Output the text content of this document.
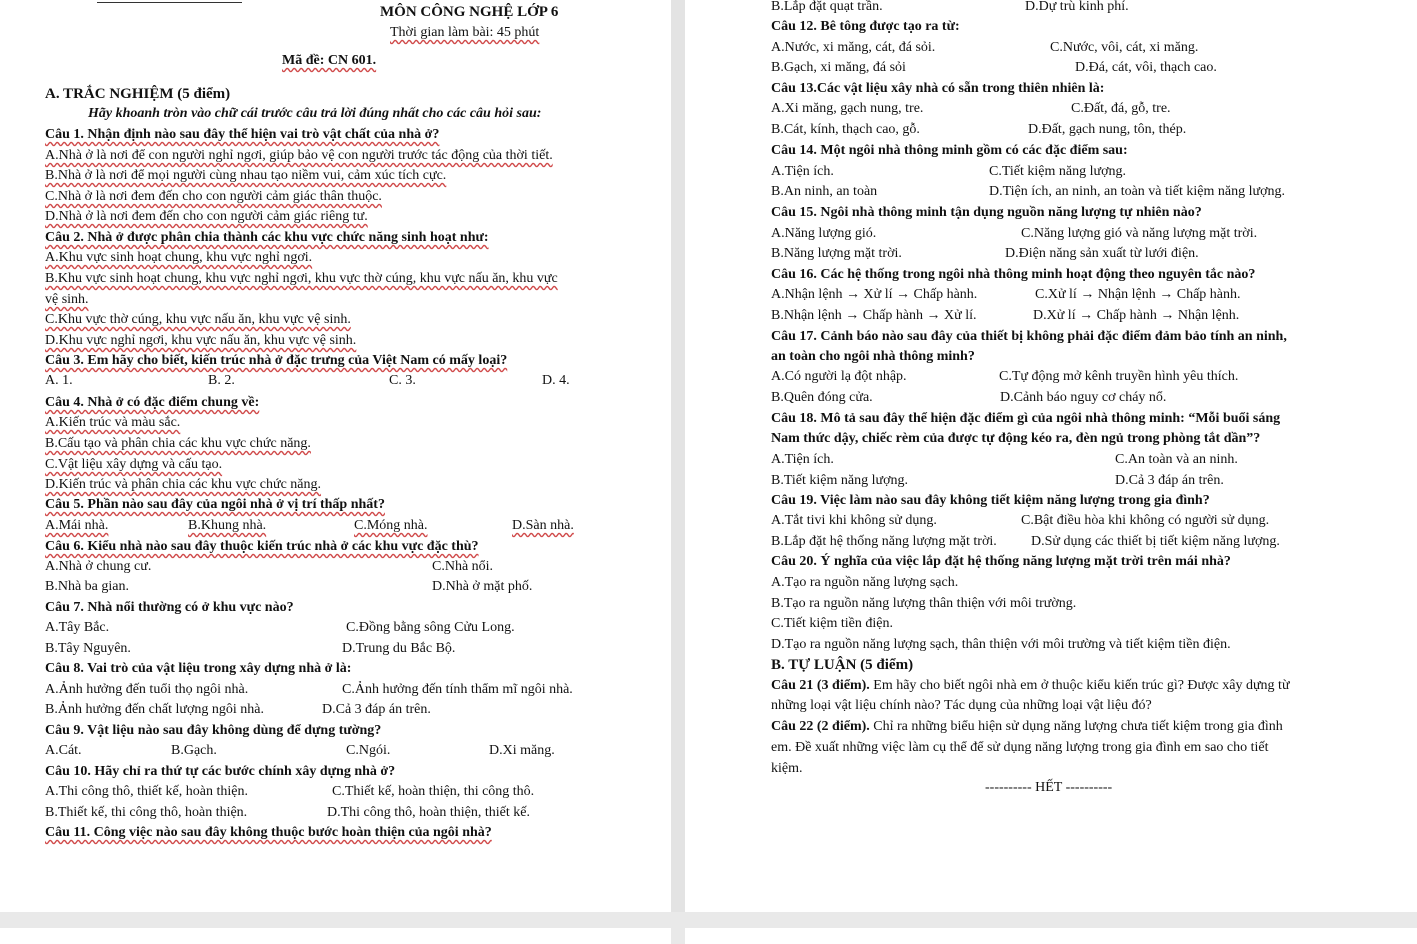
MÔN CÔNG NGHỆ LỚP 6
Thời gian làm bài: 45 phút
Mã đề: CN 601.
A. TRẮC NGHIỆM (5 điểm)
Hãy khoanh tròn vào chữ cái trước câu trả lời đúng nhất cho các câu hỏi sau:
Câu 1. Nhận định nào sau đây thể hiện vai trò vật chất của nhà ở?
A.Nhà ở là nơi để con người nghỉ ngơi, giúp bảo vệ con người trước tác động của thời tiết.
B.Nhà ở là nơi để mọi người cùng nhau tạo niềm vui, cảm xúc tích cực.
C.Nhà ở là nơi đem đến cho con người cảm giác thân thuộc.
D.Nhà ở là nơi đem đến cho con người cảm giác riêng tư.
Câu 2. Nhà ở được phân chia thành các khu vực chức năng sinh hoạt như:
A.Khu vực sinh hoạt chung, khu vực nghỉ ngơi.
B.Khu vực sinh hoạt chung, khu vực nghỉ ngơi, khu vực thờ cúng, khu vực nấu ăn, khu vực
vệ sinh.
C.Khu vực thờ cúng, khu vực nấu ăn, khu vực vệ sinh.
D.Khu vực nghỉ ngơi, khu vực nấu ăn, khu vực vệ sinh.
Câu 3. Em hãy cho biết, kiến trúc nhà ở đặc trưng của Việt Nam có mấy loại?
A. 1.	B. 2.	C. 3.	D. 4.
Câu 4. Nhà ở có đặc điểm chung về:
A.Kiến trúc và màu sắc.
B.Cấu tạo và phân chia các khu vực chức năng.
C.Vật liệu xây dựng và cấu tạo.
D.Kiến trúc và phân chia các khu vực chức năng.
Câu 5. Phần nào sau đây của ngôi nhà ở vị trí thấp nhất?
A.Mái nhà.	B.Khung nhà.	C.Móng nhà.	D.Sàn nhà.
Câu 6. Kiểu nhà nào sau đây thuộc kiến trúc nhà ở các khu vực đặc thù?
A.Nhà ở chung cư.	C.Nhà nổi.
B.Nhà ba gian.	D.Nhà ở mặt phố.
Câu 7. Nhà nổi thường có ở khu vực nào?
A.Tây Bắc.	C.Đồng bằng sông Cửu Long.
B.Tây Nguyên.	D.Trung du Bắc Bộ.
Câu 8. Vai trò của vật liệu trong xây dựng nhà ở là:
A.Ảnh hưởng đến tuổi thọ ngôi nhà.	C.Ảnh hưởng đến tính thẩm mĩ ngôi nhà.
B.Ảnh hưởng đến chất lượng ngôi nhà.	D.Cả 3 đáp án trên.
Câu 9. Vật liệu nào sau đây không dùng để dựng tường?
A.Cát.	B.Gạch.	C.Ngói.	D.Xi măng.
Câu 10. Hãy chỉ ra thứ tự các bước chính xây dựng nhà ở?
A.Thi công thô, thiết kế, hoàn thiện.	C.Thiết kế, hoàn thiện, thi công thô.
B.Thiết kế, thi công thô, hoàn thiện.	D.Thi công thô, hoàn thiện, thiết kế.
Câu 11. Công việc nào sau đây không thuộc bước hoàn thiện của ngôi nhà?
B.Lắp đặt quạt trần.	D.Dự trù kinh phí.
Câu 12. Bê tông được tạo ra từ:
A.Nước, xi măng, cát, đá sỏi.	C.Nước, vôi, cát, xi măng.
B.Gạch, xi măng, đá sỏi	D.Đá, cát, vôi, thạch cao.
Câu 13.Các vật liệu xây nhà có sẵn trong thiên nhiên là:
A.Xi măng, gạch nung, tre.	C.Đất, đá, gỗ, tre.
B.Cát, kính, thạch cao, gỗ.	D.Đất, gạch nung, tôn, thép.
Câu 14. Một ngôi nhà thông minh gồm có các đặc điểm sau:
A.Tiện ích.	C.Tiết kiệm năng lượng.
B.An ninh, an toàn	D.Tiện ích, an ninh, an toàn và tiết kiệm năng lượng.
Câu 15. Ngôi nhà thông minh tận dụng nguồn năng lượng tự nhiên nào?
A.Năng lượng gió.	C.Năng lượng gió và năng lượng mặt trời.
B.Năng lượng mặt trời.	D.Điện năng sản xuất từ lưới điện.
Câu 16. Các hệ thống trong ngôi nhà thông minh hoạt động theo nguyên tắc nào?
A.Nhận lệnh → Xử lí → Chấp hành.	C.Xử lí → Nhận lệnh → Chấp hành.
B.Nhận lệnh → Chấp hành → Xử lí.	D.Xử lí → Chấp hành → Nhận lệnh.
Câu 17. Cảnh báo nào sau đây của thiết bị không phải đặc điểm đảm bảo tính an ninh,
an toàn cho ngôi nhà thông minh?
A.Có người lạ đột nhập.	C.Tự động mở kênh truyền hình yêu thích.
B.Quên đóng cửa.	D.Cảnh báo nguy cơ cháy nổ.
Câu 18. Mô tả sau đây thể hiện đặc điểm gì của ngôi nhà thông minh: “Mỗi buổi sáng
Nam thức dậy, chiếc rèm của được tự động kéo ra, đèn ngủ trong phòng tắt dần”?
A.Tiện ích.	C.An toàn và an ninh.
B.Tiết kiệm năng lượng.	D.Cả 3 đáp án trên.
Câu 19. Việc làm nào sau đây không tiết kiệm năng lượng trong gia đình?
A.Tắt tivi khi không sử dụng.	C.Bật điều hòa khi không có người sử dụng.
B.Lắp đặt hệ thống năng lượng mặt trời. D.Sử dụng các thiết bị tiết kiệm năng lượng.
Câu 20. Ý nghĩa của việc lắp đặt hệ thống năng lượng mặt trời trên mái nhà?
A.Tạo ra nguồn năng lượng sạch.
B.Tạo ra nguồn năng lượng thân thiện với môi trường.
C.Tiết kiệm tiền điện.
D.Tạo ra nguồn năng lượng sạch, thân thiện với môi trường và tiết kiệm tiền điện.
B. TỰ LUẬN (5 điểm)
Câu 21 (3 điểm). Em hãy cho biết ngôi nhà em ở thuộc kiểu kiến trúc gì? Được xây dựng từ
những loại vật liệu chính nào? Tác dụng của những loại vật liệu đó?
Câu 22 (2 điểm). Chỉ ra những biểu hiện sử dụng năng lượng chưa tiết kiệm trong gia đình
em. Đề xuất những việc làm cụ thể để sử dụng năng lượng trong gia đình em sao cho tiết
kiệm.
---------- HẾT ----------
